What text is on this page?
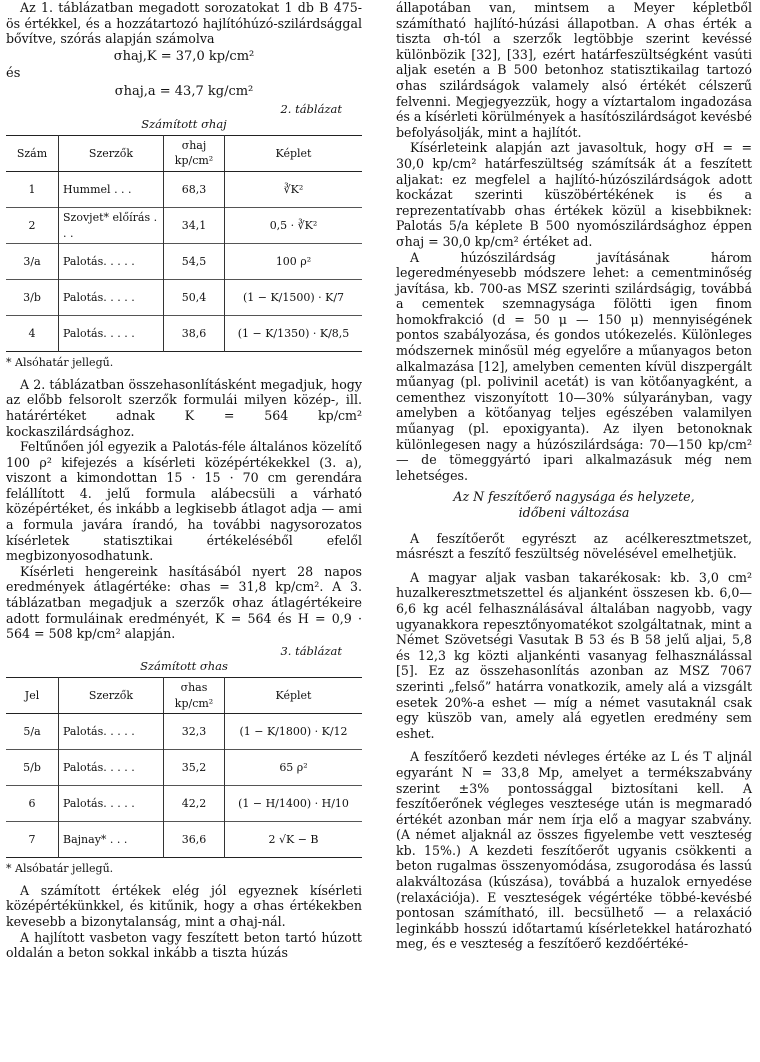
Az 1. táblázatban megadott sorozatokat 1 db B 475-ös értékkel, és a hozzátartozó hajlítóhúzó-szilárdsággal bővítve, szórás alapján számolva

σhaj,K = 37,0 kp/cm²
és
σhaj,a = 43,7 kg/cm²
2. táblázat
Számított σhaj
Szám	Szerzők	σhaj kp/cm²	Képlet
1	Hummel . . .	68,3	∛K²
2	Szovjet* előírás . . .	34,1	0,5 · ∛K²
3/a	Palotás. . . . .	54,5	100 ρ²
3/b	Palotás. . . . .	50,4	(1 − K/1500) · K/7
4	Palotás. . . . .	38,6	(1 − K/1350) · K/8,5
* Alsóhatár jellegű.

A 2. táblázatban összehasonlításként megadjuk, hogy az előbb felsorolt szerzők formulái milyen közép-, ill. határértéket adnak K = 564 kp/cm² kockaszilárdsághoz.

Feltűnően jól egyezik a Palotás-féle általános közelítő 100 ρ² kifejezés a kísérleti középértékekkel (3. a), viszont a kimondottan 15 · 15 · 70 cm gerendára felállított 4. jelű formula alábecsüli a várható középértéket, és inkább a legkisebb átlagot adja — ami a formula javára írandó, ha további nagysorozatos kísérletek statisztikai értékeléséből efelől megbizonyosodhatunk.

Kísérleti hengereink hasításából nyert 28 napos eredmények átlagértéke: σhas = 31,8 kp/cm². A 3. táblázatban megadjuk a szerzők σhaz átlagértékeire adott formuláinak eredményét, K = 564 és H = 0,9 · 564 = 508 kp/cm² alapján.

3. táblázat
Számított σhas
Jel	Szerzők	σhas kp/cm²	Képlet
5/a	Palotás. . . . .	32,3	(1 − K/1800) · K/12
5/b	Palotás. . . . .	35,2	65 ρ²
6	Palotás. . . . .	42,2	(1 − H/1400) · H/10
7	Bajnay* . . .	36,6	2 √K − B
* Alsóbatár jellegű.

A számított értékek elég jól egyeznek kísérleti középértékünkkel, és kitűnik, hogy a σhas értékekben kevesebb a bizonytalanság, mint a σhaj-nál.

A hajlított vasbeton vagy feszített beton tartó húzott oldalán a beton sokkal inkább a tiszta húzás

állapotában van, mintsem a Meyer képletből számítható hajlító-húzási állapotban. A σhas érték a tiszta σh-tól a szerzők legtöbbje szerint kevéssé különbözik [32], [33], ezért határfeszültségként vasúti aljak esetén a B 500 betonhoz statisztikailag tartozó σhas szilárdságok valamely alsó értékét célszerű felvenni. Megjegyezzük, hogy a víztartalom ingadozása és a kísérleti körülmények a hasítószilárdságot kevésbé befolyásolják, mint a hajlítót.

Kísérleteink alapján azt javasoltuk, hogy σH = = 30,0 kp/cm² határfeszültség számítsák át a feszített aljakat: ez megfelel a hajlító-húzószilárdságok adott kockázat szerinti küszöbértékének is és a reprezentatívabb σhas értékek közül a kisebbiknek: Palotás 5/a képlete B 500 nyomószilárdsághoz éppen σhaj = 30,0 kp/cm² értéket ad.

A húzószilárdság javításának három legeredményesebb módszere lehet: a cementminőség javítása, kb. 700-as MSZ szerinti szilárdságig, továbbá a cementek szemnagysága fölötti igen finom homokfrakció (d = 50 μ — 150 μ) mennyiségének pontos szabályozása, és gondos utókezelés. Különleges módszernek minősül még egyelőre a műanyagos beton alkalmazása [12], amelyben cementen kívül diszpergált műanyag (pl. polivinil acetát) is van kötőanyagként, a cementhez viszonyított 10—30% súlyarányban, vagy amelyben a kötőanyag teljes egészében valamilyen műanyag (pl. epoxigyanta). Az ilyen betonoknak különlegesen nagy a húzószilárdsága: 70—150 kp/cm² — de tömeggyártó ipari alkalmazásuk még nem lehetséges.

Az N feszítőerő nagysága és helyzete,
időbeni változása

A feszítőerőt egyrészt az acélkeresztmetszet, másrészt a feszítő feszültség növelésével emelhetjük.

A magyar aljak vasban takarékosak: kb. 3,0 cm² huzalkeresztmetszettel és aljanként összesen kb. 6,0—6,6 kg acél felhasználásával általában nagyobb, vagy ugyanakkora repesztőnyomatékot szolgáltatnak, mint a Német Szövetségi Vasutak B 53 és B 58 jelű aljai, 5,8 és 12,3 kg közti aljankénti vasanyag felhasználással [5]. Ez az összehasonlítás azonban az MSZ 7067 szerinti „felső” határra vonatkozik, amely alá a vizsgált esetek 20%-a eshet — míg a német vasutaknál csak egy küszöb van, amely alá egyetlen eredmény sem eshet.

A feszítőerő kezdeti névleges értéke az L és T aljnál egyaránt N = 33,8 Mp, amelyet a termékszabvány szerint ±3% pontossággal biztosítani kell. A feszítőerőnek végleges vesztesége után is megmaradó értékét azonban már nem írja elő a magyar szabvány. (A német aljaknál az összes figyelembe vett veszteség kb. 15%.) A kezdeti feszítőerőt ugyanis csökkenti a beton rugalmas összenyomódása, zsugorodása és lassú alakváltozása (kúszása), továbbá a huzalok ernyedése (relaxációja). E veszteségek végértéke többé-kevésbé pontosan számítható, ill. becsülhető — a relaxáció leginkább hosszú időtartamú kísérletekkel határozható meg, és e veszteség a feszítőerő kezdőértéké-
